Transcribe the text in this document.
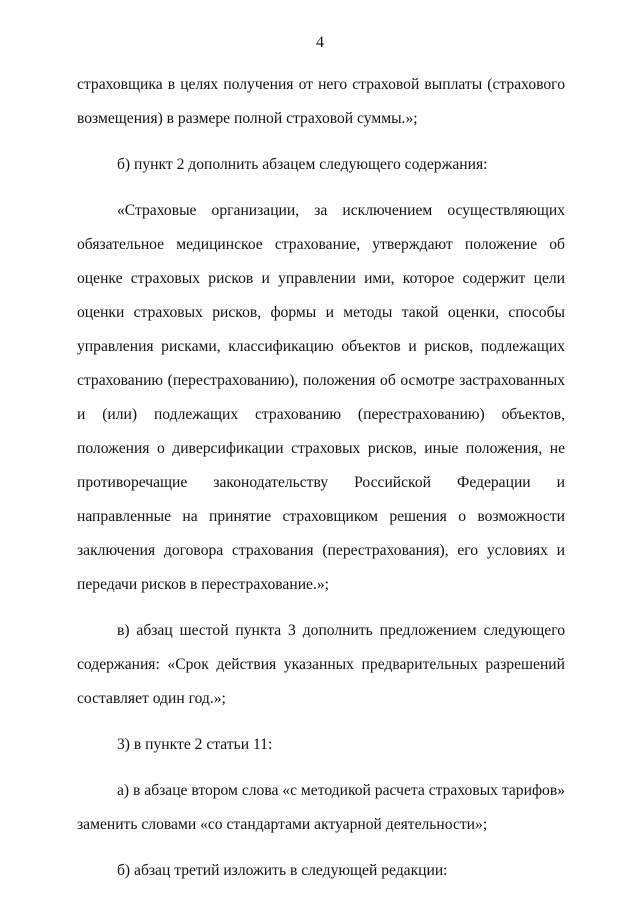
4

страховщика в целях получения от него страховой выплаты (страхового возмещения) в размере полной страховой суммы.»;

б) пункт 2 дополнить абзацем следующего содержания:

«Страховые организации, за исключением осуществляющих обязательное медицинское страхование, утверждают положение об оценке страховых рисков и управлении ими, которое содержит цели оценки страховых рисков, формы и методы такой оценки, способы управления рисками, классификацию объектов и рисков, подлежащих страхованию (перестрахованию), положения об осмотре застрахованных и (или) подлежащих страхованию (перестрахованию) объектов, положения о диверсификации страховых рисков, иные положения, не противоречащие законодательству Российской Федерации и направленные на принятие страховщиком решения о возможности заключения договора страхования (перестрахования), его условиях и передачи рисков в перестрахование.»;

в) абзац шестой пункта 3 дополнить предложением следующего содержания: «Срок действия указанных предварительных разрешений составляет один год.»;

3) в пункте 2 статьи 11:

а) в абзаце втором слова «с методикой расчета страховых тарифов» заменить словами «со стандартами актуарной деятельности»;

б) абзац третий изложить в следующей редакции:
